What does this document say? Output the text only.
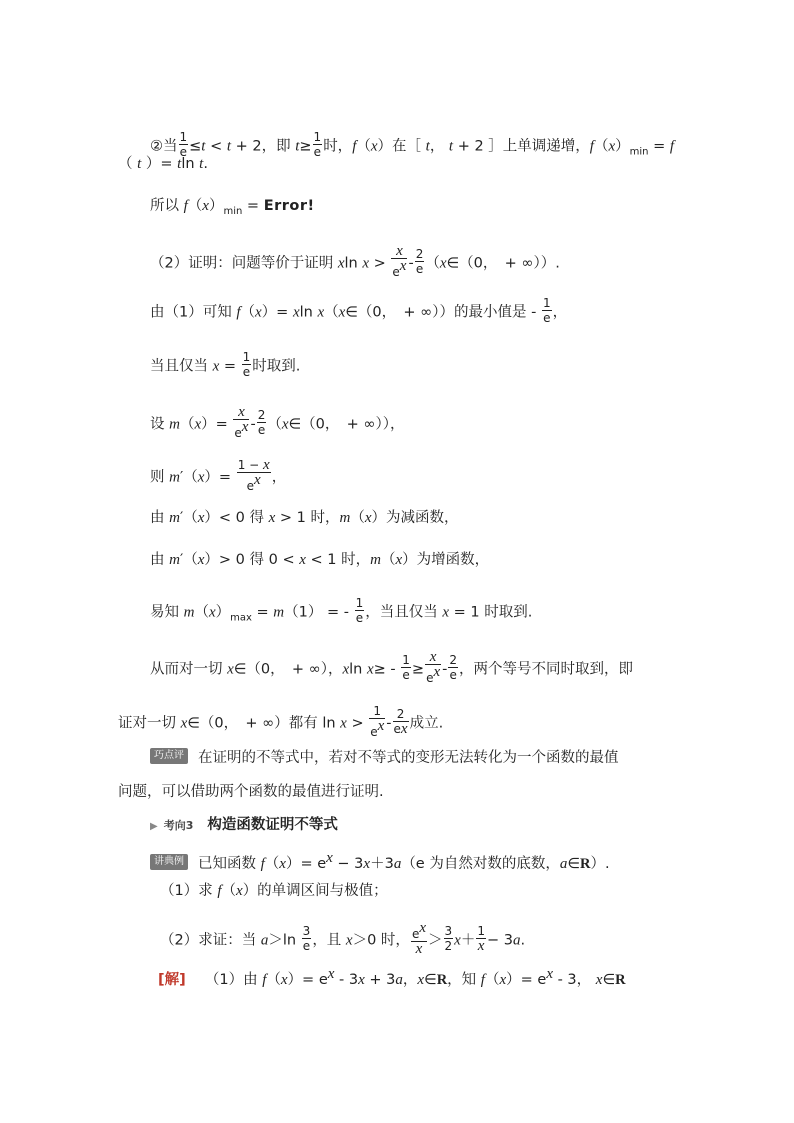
②当 $\frac{1}{e} \le t < t + 2$，即 $t\ge \frac{1}{e}$ 时，f（x）在［ t， t + 2 ］上单调递增，$f(x)_{min} = f$
（ t ）= tln t.
所以 $f(x)_{min}$ = Error!
（2）证明：问题等价于证明 xln x >
x
$e^x - \frac{2}{e}$ （x∈（0，　+ ∞））.
由（1）可知 f（x）= xln x（x∈（0，　+ ∞））的最小值是 - $\frac{1}{e}$ ，
当且仅当 $x = \frac{1}{e}$ 时取到.
设 m（x）=
x
$e^x - \frac{2}{e}$ （x∈（0，　+ ∞）），
则 $m'(x)= \frac{1 - x}{e^x}$ ，
由 m′（x）< 0 得 x > 1 时，m（x）为减函数，
由 m′（x）> 0 得 0 < x < 1 时，m（x）为增函数，
易知 $m(x)_{max} = m(1)$ = - $\frac{1}{e}$ ，当且仅当 x = 1 时取到.
从而对一切 x∈（0，　+ ∞），xln $x\ge - \frac{1}{e}$ ≥
x
$e^x - \frac{2}{e}$ ，两个等号不同时取到，即
证对一切 x∈（0，　+ ∞）都有 $\ln x > \frac{1}{e^x} - \frac{2}{ex}$ 成立.
巧点评 在证明的不等式中，若对不等式的变形无法转化为一个函数的最值
问题，可以借助两个函数的最值进行证明.
▶ 考向3 构造函数证明不等式
讲典例 已知函数 $f(x)= e^x - 3x+3a(e$ 为自然对数的底数，a∈R）.
（1）求 f（x）的单调区间与极值；
（2）求证：当 $a>\ln \frac{3}{e}$ ，且 x＞0 时， $e^x$
x
＞ $\frac{3}{2} x+$
1
x − 3a.
[解]　 （1）由 $f(x)= e^x - 3x + 3a$，x∈R，知 $f(x)= e^x - 3$， x∈R
